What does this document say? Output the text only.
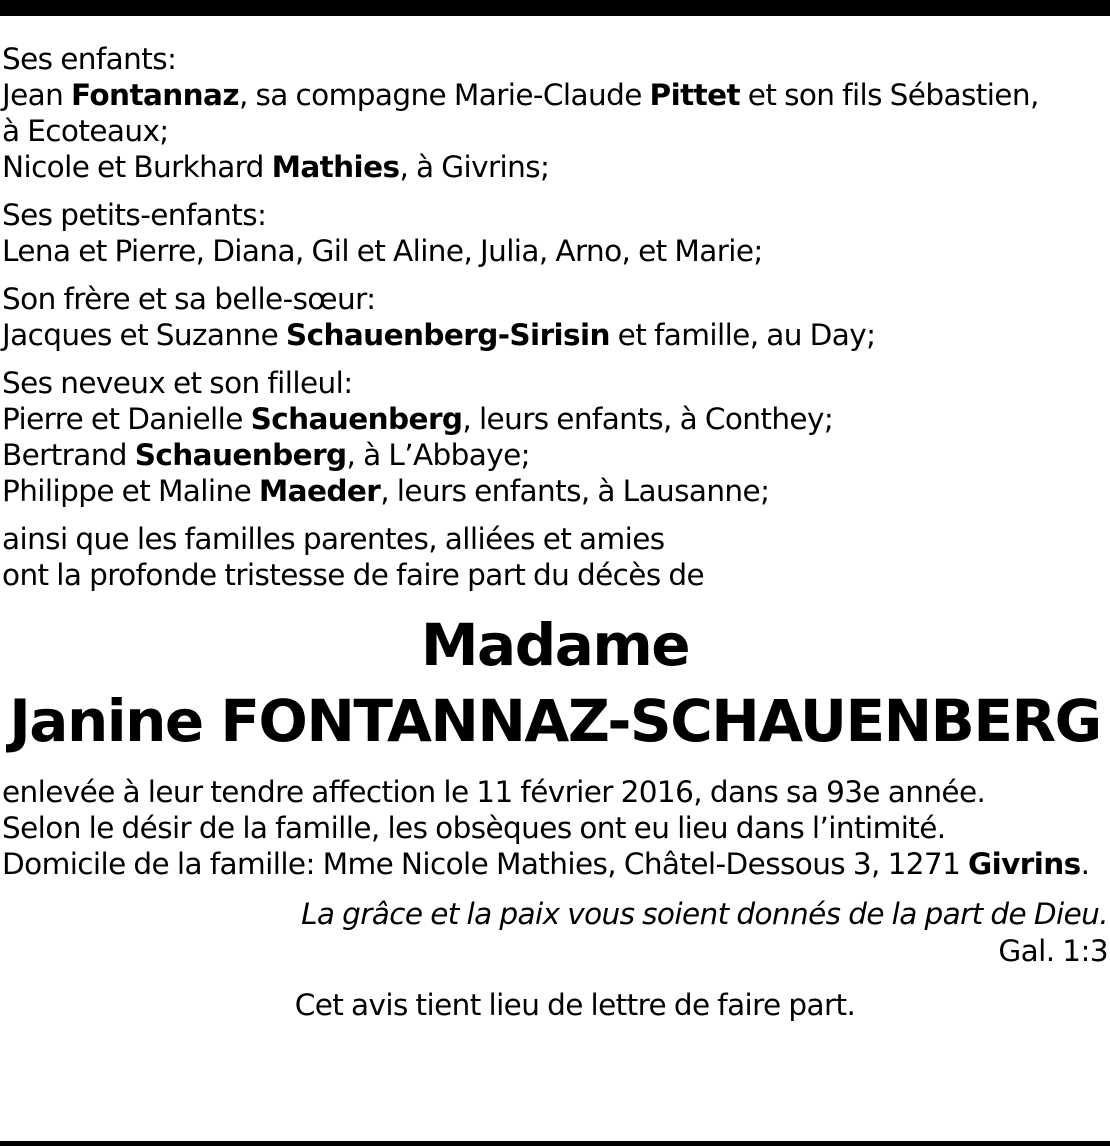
Ses enfants:
Jean Fontannaz, sa compagne Marie-Claude Pittet et son fils Sébastien,
à Ecoteaux;
Nicole et Burkhard Mathies, à Givrins;
Ses petits-enfants:
Lena et Pierre, Diana, Gil et Aline, Julia, Arno, et Marie;
Son frère et sa belle-sœur:
Jacques et Suzanne Schauenberg-Sirisin et famille, au Day;
Ses neveux et son filleul:
Pierre et Danielle Schauenberg, leurs enfants, à Conthey;
Bertrand Schauenberg, à L’Abbaye;
Philippe et Maline Maeder, leurs enfants, à Lausanne;
ainsi que les familles parentes, alliées et amies
ont la profonde tristesse de faire part du décès de
Madame
Janine FONTANNAZ-SCHAUENBERG
enlevée à leur tendre affection le 11 février 2016, dans sa 93e année.
Selon le désir de la famille, les obsèques ont eu lieu dans l’intimité.
Domicile de la famille: Mme Nicole Mathies, Châtel-Dessous 3, 1271 Givrins.
La grâce et la paix vous soient donnés de la part de Dieu.
Gal. 1:3
Cet avis tient lieu de lettre de faire part.
